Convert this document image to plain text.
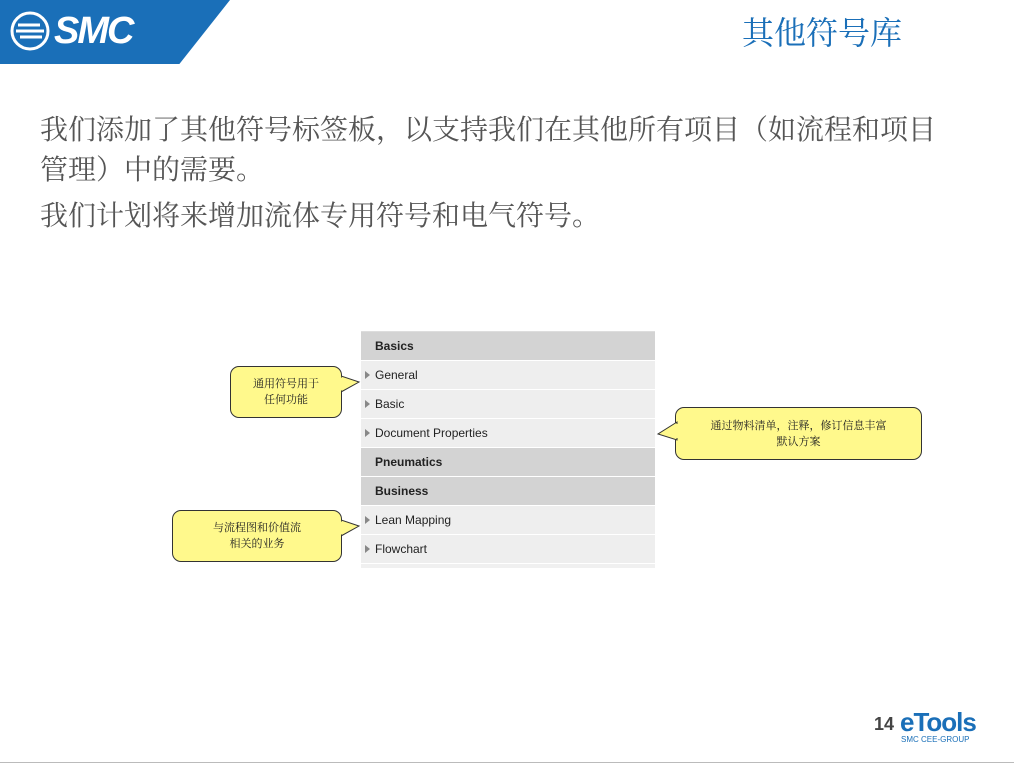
SMC	其他符号库

我们添加了其他符号标签板，以支持我们在其他所有项目（如流程和项目管理）中的需要。

我们计划将来增加流体专用符号和电气符号。

Basics
General
Basic
Document Properties
Pneumatics
Business
Lean Mapping
Flowchart
通用符号用于
任何功能
通过物料清单，注释，修订信息丰富
默认方案
与流程图和价值流
相关的业务
14 eTools
SMC CEE-GROUP
